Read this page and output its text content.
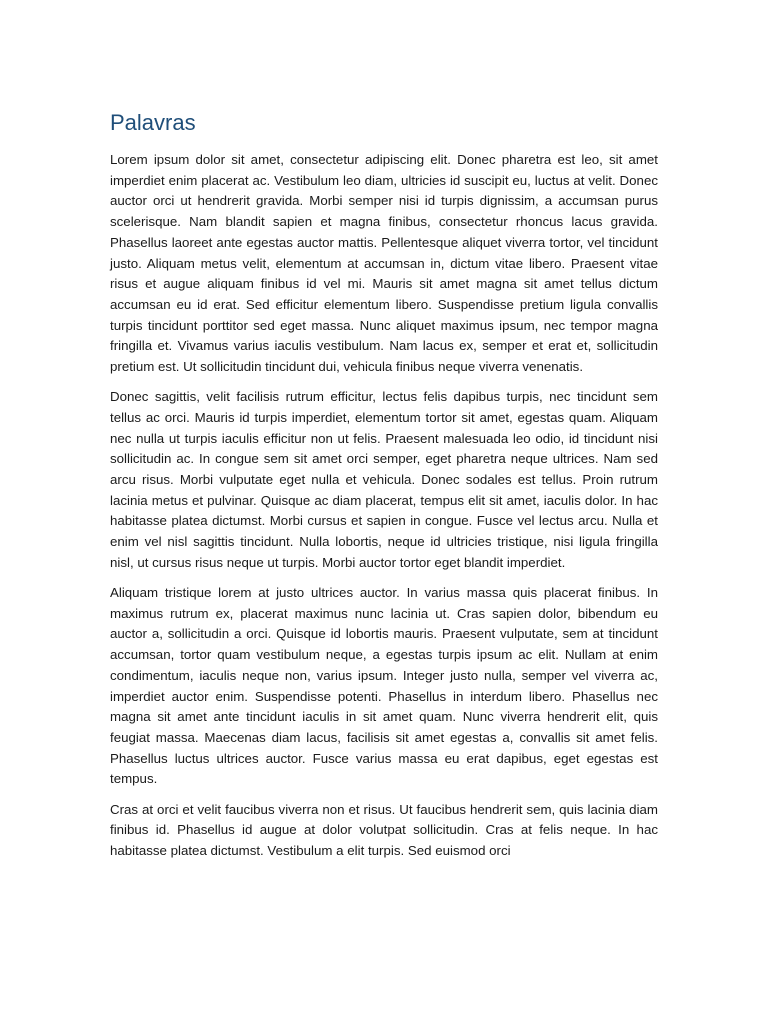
Palavras

Lorem ipsum dolor sit amet, consectetur adipiscing elit. Donec pharetra est leo, sit amet imperdiet enim placerat ac. Vestibulum leo diam, ultricies id suscipit eu, luctus at velit. Donec auctor orci ut hendrerit gravida. Morbi semper nisi id turpis dignissim, a accumsan purus scelerisque. Nam blandit sapien et magna finibus, consectetur rhoncus lacus gravida. Phasellus laoreet ante egestas auctor mattis. Pellentesque aliquet viverra tortor, vel tincidunt justo. Aliquam metus velit, elementum at accumsan in, dictum vitae libero. Praesent vitae risus et augue aliquam finibus id vel mi. Mauris sit amet magna sit amet tellus dictum accumsan eu id erat. Sed efficitur elementum libero. Suspendisse pretium ligula convallis turpis tincidunt porttitor sed eget massa. Nunc aliquet maximus ipsum, nec tempor magna fringilla et. Vivamus varius iaculis vestibulum. Nam lacus ex, semper et erat et, sollicitudin pretium est. Ut sollicitudin tincidunt dui, vehicula finibus neque viverra venenatis.

Donec sagittis, velit facilisis rutrum efficitur, lectus felis dapibus turpis, nec tincidunt sem tellus ac orci. Mauris id turpis imperdiet, elementum tortor sit amet, egestas quam. Aliquam nec nulla ut turpis iaculis efficitur non ut felis. Praesent malesuada leo odio, id tincidunt nisi sollicitudin ac. In congue sem sit amet orci semper, eget pharetra neque ultrices. Nam sed arcu risus. Morbi vulputate eget nulla et vehicula. Donec sodales est tellus. Proin rutrum lacinia metus et pulvinar. Quisque ac diam placerat, tempus elit sit amet, iaculis dolor. In hac habitasse platea dictumst. Morbi cursus et sapien in congue. Fusce vel lectus arcu. Nulla et enim vel nisl sagittis tincidunt. Nulla lobortis, neque id ultricies tristique, nisi ligula fringilla nisl, ut cursus risus neque ut turpis. Morbi auctor tortor eget blandit imperdiet.

Aliquam tristique lorem at justo ultrices auctor. In varius massa quis placerat finibus. In maximus rutrum ex, placerat maximus nunc lacinia ut. Cras sapien dolor, bibendum eu auctor a, sollicitudin a orci. Quisque id lobortis mauris. Praesent vulputate, sem at tincidunt accumsan, tortor quam vestibulum neque, a egestas turpis ipsum ac elit. Nullam at enim condimentum, iaculis neque non, varius ipsum. Integer justo nulla, semper vel viverra ac, imperdiet auctor enim. Suspendisse potenti. Phasellus in interdum libero. Phasellus nec magna sit amet ante tincidunt iaculis in sit amet quam. Nunc viverra hendrerit elit, quis feugiat massa. Maecenas diam lacus, facilisis sit amet egestas a, convallis sit amet felis. Phasellus luctus ultrices auctor. Fusce varius massa eu erat dapibus, eget egestas est tempus.

Cras at orci et velit faucibus viverra non et risus. Ut faucibus hendrerit sem, quis lacinia diam finibus id. Phasellus id augue at dolor volutpat sollicitudin. Cras at felis neque. In hac habitasse platea dictumst. Vestibulum a elit turpis. Sed euismod orci
